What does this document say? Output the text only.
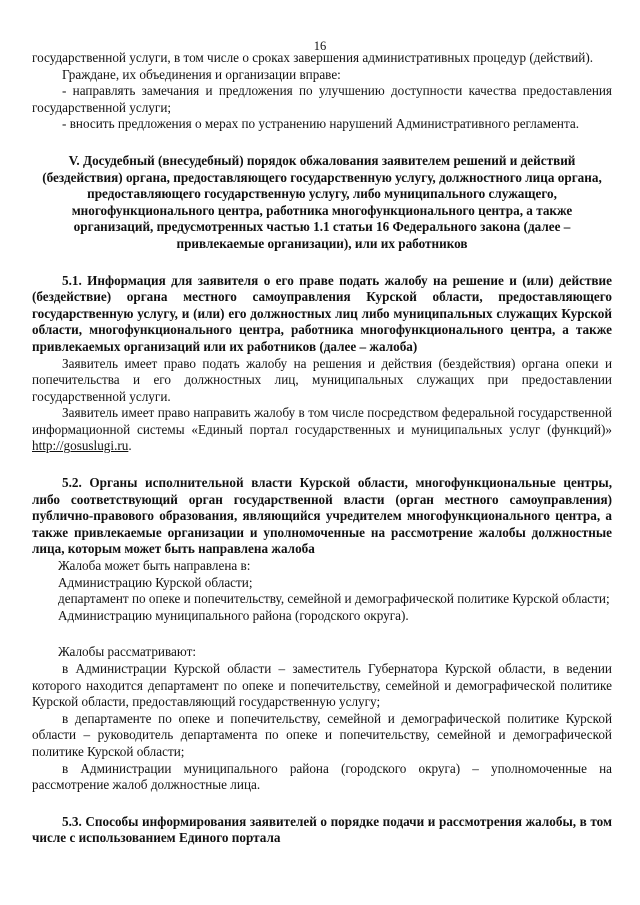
16

государственной услуги, в том числе о сроках завершения административных процедур (действий).

Граждане, их объединения и организации вправе:

- направлять замечания и предложения по улучшению доступности качества предоставления государственной услуги;

- вносить предложения о мерах по устранению нарушений Административного регламента.

V. Досудебный (внесудебный) порядок обжалования заявителем решений и действий (бездействия) органа, предоставляющего государственную услугу, должностного лица органа, предоставляющего государственную услугу, либо муниципального служащего, многофункционального центра, работника многофункционального центра, а также организаций, предусмотренных частью 1.1 статьи 16 Федерального закона (далее – привлекаемые организации), или их работников

5.1. Информация для заявителя о его праве подать жалобу на решение и (или) действие (бездействие) органа местного самоуправления Курской области, предоставляющего государственную услугу, и (или) его должностных лиц либо муниципальных служащих Курской области, многофункционального центра, работника многофункционального центра, а также привлекаемых организаций или их работников (далее – жалоба)

Заявитель имеет право подать жалобу на решения и действия (бездействия) органа опеки и попечительства и его должностных лиц, муниципальных служащих при предоставлении государственной услуги.

Заявитель имеет право направить жалобу в том числе посредством федеральной государственной информационной системы «Единый портал государственных и муниципальных услуг (функций)» http://gosuslugi.ru.

5.2. Органы исполнительной власти Курской области, многофункциональные центры, либо соответствующий орган государственной власти (орган местного самоуправления) публично-правового образования, являющийся учредителем многофункционального центра, а также привлекаемые организации и уполномоченные на рассмотрение жалобы должностные лица, которым может быть направлена жалоба

Жалоба может быть направлена в:

Администрацию Курской области;

департамент по опеке и попечительству, семейной и демографической политике Курской области;

Администрацию муниципального района (городского округа).

Жалобы рассматривают:

в Администрации Курской области – заместитель Губернатора Курской области, в ведении которого находится департамент по опеке и попечительству, семейной и демографической политике Курской области, предоставляющий государственную услугу;

в департаменте по опеке и попечительству, семейной и демографической политике Курской области – руководитель департамента по опеке и попечительству, семейной и демографической политике Курской области;

в Администрации муниципального района (городского округа) – уполномоченные на рассмотрение жалоб должностные лица.

5.3. Способы информирования заявителей о порядке подачи и рассмотрения жалобы, в том числе с использованием Единого портала
